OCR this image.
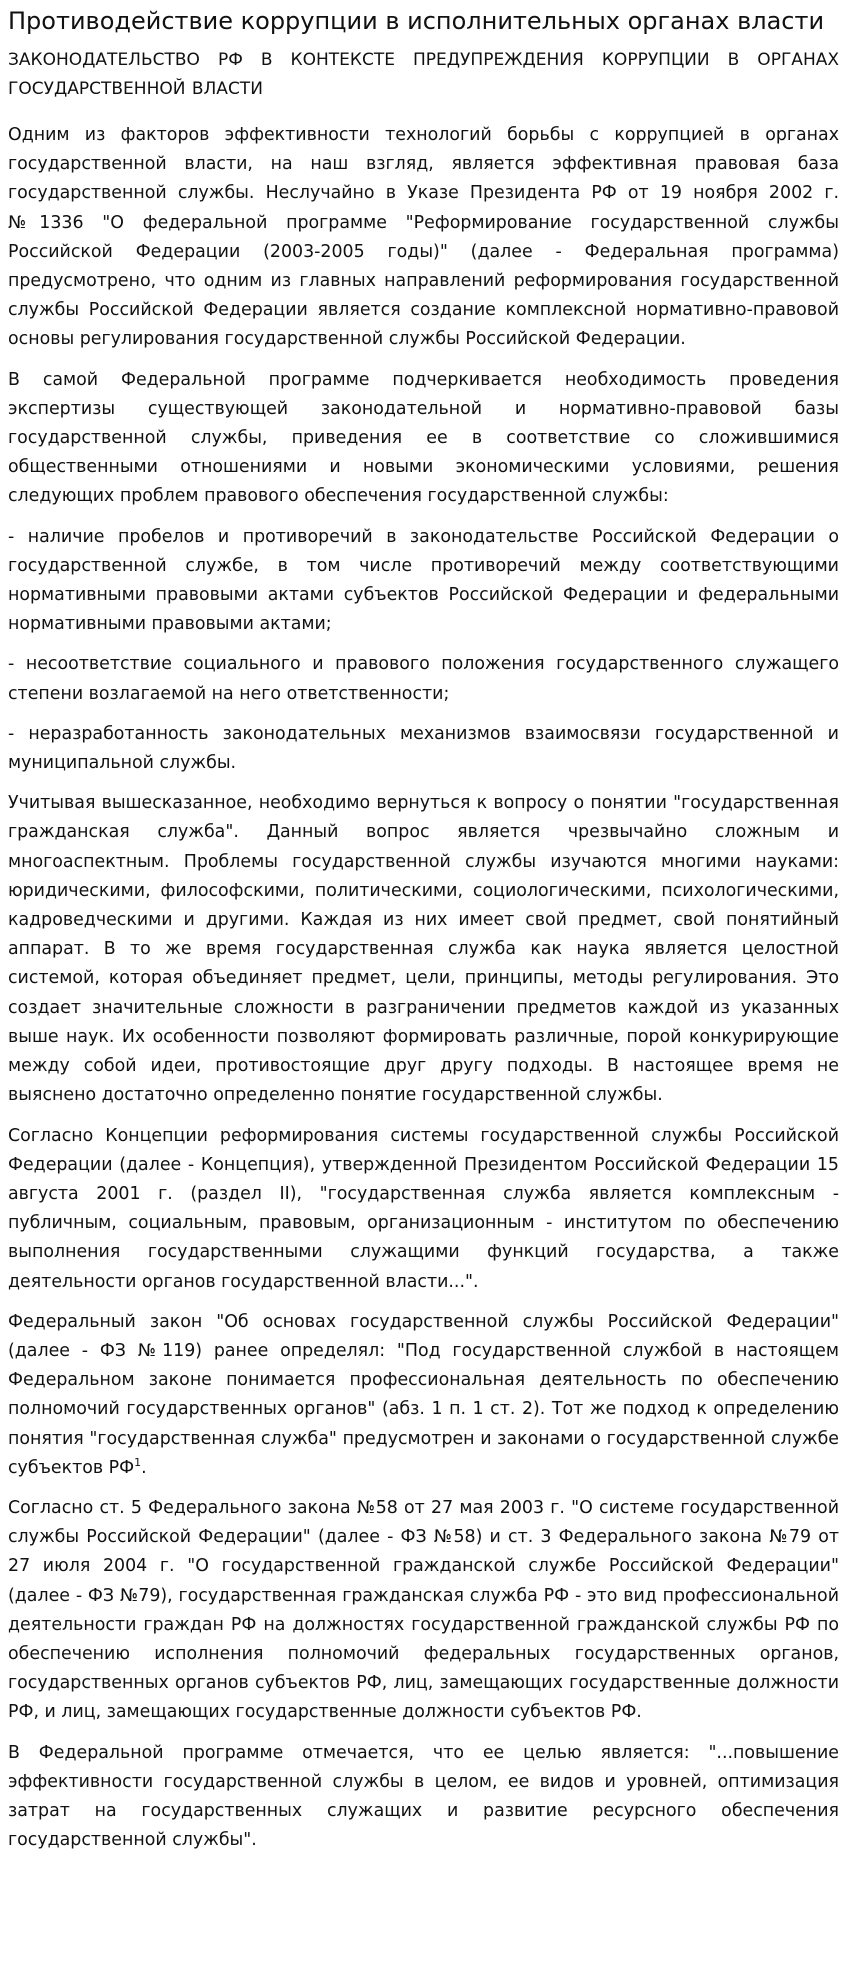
Противодействие коррупции в исполнительных органах власти
ЗАКОНОДАТЕЛЬСТВО РФ В КОНТЕКСТЕ ПРЕДУПРЕЖДЕНИЯ КОРРУПЦИИ В ОРГАНАХ ГОСУДАРСТВЕННОЙ ВЛАСТИ

Одним из факторов эффективности технологий борьбы с коррупцией в органах государственной власти, на наш взгляд, является эффективная правовая база государственной службы. Неслучайно в Указе Президента РФ от 19 ноября 2002 г. №1336 "О федеральной программе "Реформирование государственной службы Российской Федерации (2003-2005 годы)" (далее - Федеральная программа) предусмотрено, что одним из главных направлений реформирования государственной службы Российской Федерации является создание комплексной нормативно-правовой основы регулирования государственной службы Российской Федерации.

В самой Федеральной программе подчеркивается необходимость проведения экспертизы существующей законодательной и нормативно-правовой базы государственной службы, приведения ее в соответствие со сложившимися общественными отношениями и новыми экономическими условиями, решения следующих проблем правового обеспечения государственной службы:

- наличие пробелов и противоречий в законодательстве Российской Федерации о государственной службе, в том числе противоречий между соответствующими нормативными правовыми актами субъектов Российской Федерации и федеральными нормативными правовыми актами;

- несоответствие социального и правового положения государственного служащего степени возлагаемой на него ответственности;

- неразработанность законодательных механизмов взаимосвязи государственной и муниципальной службы.

Учитывая вышесказанное, необходимо вернуться к вопросу о понятии "государственная гражданская служба". Данный вопрос является чрезвычайно сложным и многоаспектным. Проблемы государственной службы изучаются многими науками: юридическими, философскими, политическими, социологическими, психологическими, кадроведческими и другими. Каждая из них имеет свой предмет, свой понятийный аппарат. В то же время государственная служба как наука является целостной системой, которая объединяет предмет, цели, принципы, методы регулирования. Это создает значительные сложности в разграничении предметов каждой из указанных выше наук. Их особенности позволяют формировать различные, порой конкурирующие между собой идеи, противостоящие друг другу подходы. В настоящее время не выяснено достаточно определенно понятие государственной службы.

Согласно Концепции реформирования системы государственной службы Российской Федерации (далее - Концепция), утвержденной Президентом Российской Федерации 15 августа 2001 г. (раздел II), "государственная служба является комплексным - публичным, социальным, правовым, организационным - институтом по обеспечению выполнения государственными служащими функций государства, а также деятельности органов государственной власти...".

Федеральный закон "Об основах государственной службы Российской Федерации" (далее - ФЗ №119) ранее определял: "Под государственной службой в настоящем Федеральном законе понимается профессиональная деятельность по обеспечению полномочий государственных органов" (абз. 1 п. 1 ст. 2). Тот же подход к определению понятия "государственная служба" предусмотрен и законами о государственной службе субъектов $РФ^1$.

Согласно ст. 5 Федерального закона №58 от 27 мая 2003 г. "О системе государственной службы Российской Федерации" (далее - ФЗ №58) и ст. 3 Федерального закона №79 от 27 июля 2004 г. "О государственной гражданской службе Российской Федерации" (далее - ФЗ №79), государственная гражданская служба РФ - это вид профессиональной деятельности граждан РФ на должностях государственной гражданской службы РФ по обеспечению исполнения полномочий федеральных государственных органов, государственных органов субъектов РФ, лиц, замещающих государственные должности РФ, и лиц, замещающих государственные должности субъектов РФ.

В Федеральной программе отмечается, что ее целью является: "...повышение эффективности государственной службы в целом, ее видов и уровней, оптимизация затрат на государственных служащих и развитие ресурсного обеспечения государственной службы".
